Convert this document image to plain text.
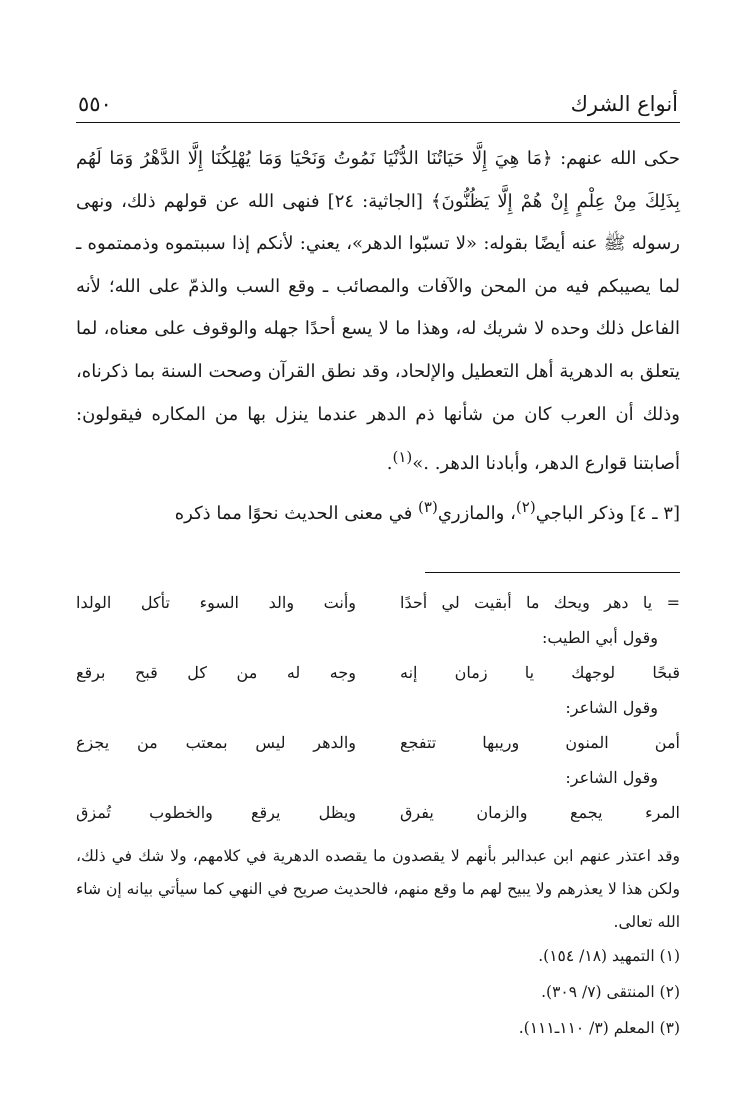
أنواع الشرك
٥٥٠

حكى الله عنهم: ﴿مَا هِيَ إِلَّا حَيَاتُنَا الدُّنْيَا نَمُوتُ وَنَحْيَا وَمَا يُهْلِكُنَا إِلَّا الدَّهْرُ وَمَا لَهُم بِذَلِكَ مِنْ عِلْمٍ إِنْ هُمْ إِلَّا يَظُنُّونَ﴾ [الجاثية: ٢٤] فنهى الله عن قولهم ذلك، ونهى رسوله ﷺ عنه أيضًا بقوله: «لا تسبّوا الدهر»، يعني: لأنكم إذا سببتموه وذممتموه ـ لما يصيبكم فيه من المحن والآفات والمصائب ـ وقع السب والذمّ على الله؛ لأنه الفاعل ذلك وحده لا شريك له، وهذا ما لا يسع أحدًا جهله والوقوف على معناه، لما يتعلق به الدهرية أهل التعطيل والإلحاد، وقد نطق القرآن وصحت السنة بما ذكرناه، وذلك أن العرب كان من شأنها ذم الدهر عندما ينزل بها من المكاره فيقولون: أصابتنا قوارع الدهر، وأبادنا الدهر. .»$^{(١)}$.

[٣ ـ ٤] وذكر الباجي$^{(٢)}$، والمازري$^{(٣)}$ في معنى الحديث نحوًا مما ذكره

= يا دهر ويحك ما أبقيت لي أحدًا
وأنت والد السوء تأكل الولدا
وقول أبي الطيب:
قبحًا لوجهك يا زمان إنه
وجه له من كل قبح برقع
وقول الشاعر:
أمن المنون وريبها تتفجع
والدهر ليس بمعتب من يجزع
وقول الشاعر:
المرء يجمع والزمان يفرق
ويظل يرقع والخطوب تُمزق

وقد اعتذر عنهم ابن عبدالبر بأنهم لا يقصدون ما يقصده الدهرية في كلامهم، ولا شك في ذلك، ولكن هذا لا يعذرهم ولا يبيح لهم ما وقع منهم، فالحديث صريح في النهي كما سيأتي بيانه إن شاء الله تعالى.

(١) التمهيد (١٨/ ١٥٤).
(٢) المنتقى (٧/ ٣٠٩).
(٣) المعلم (٣/ ١١٠ـ١١١).
